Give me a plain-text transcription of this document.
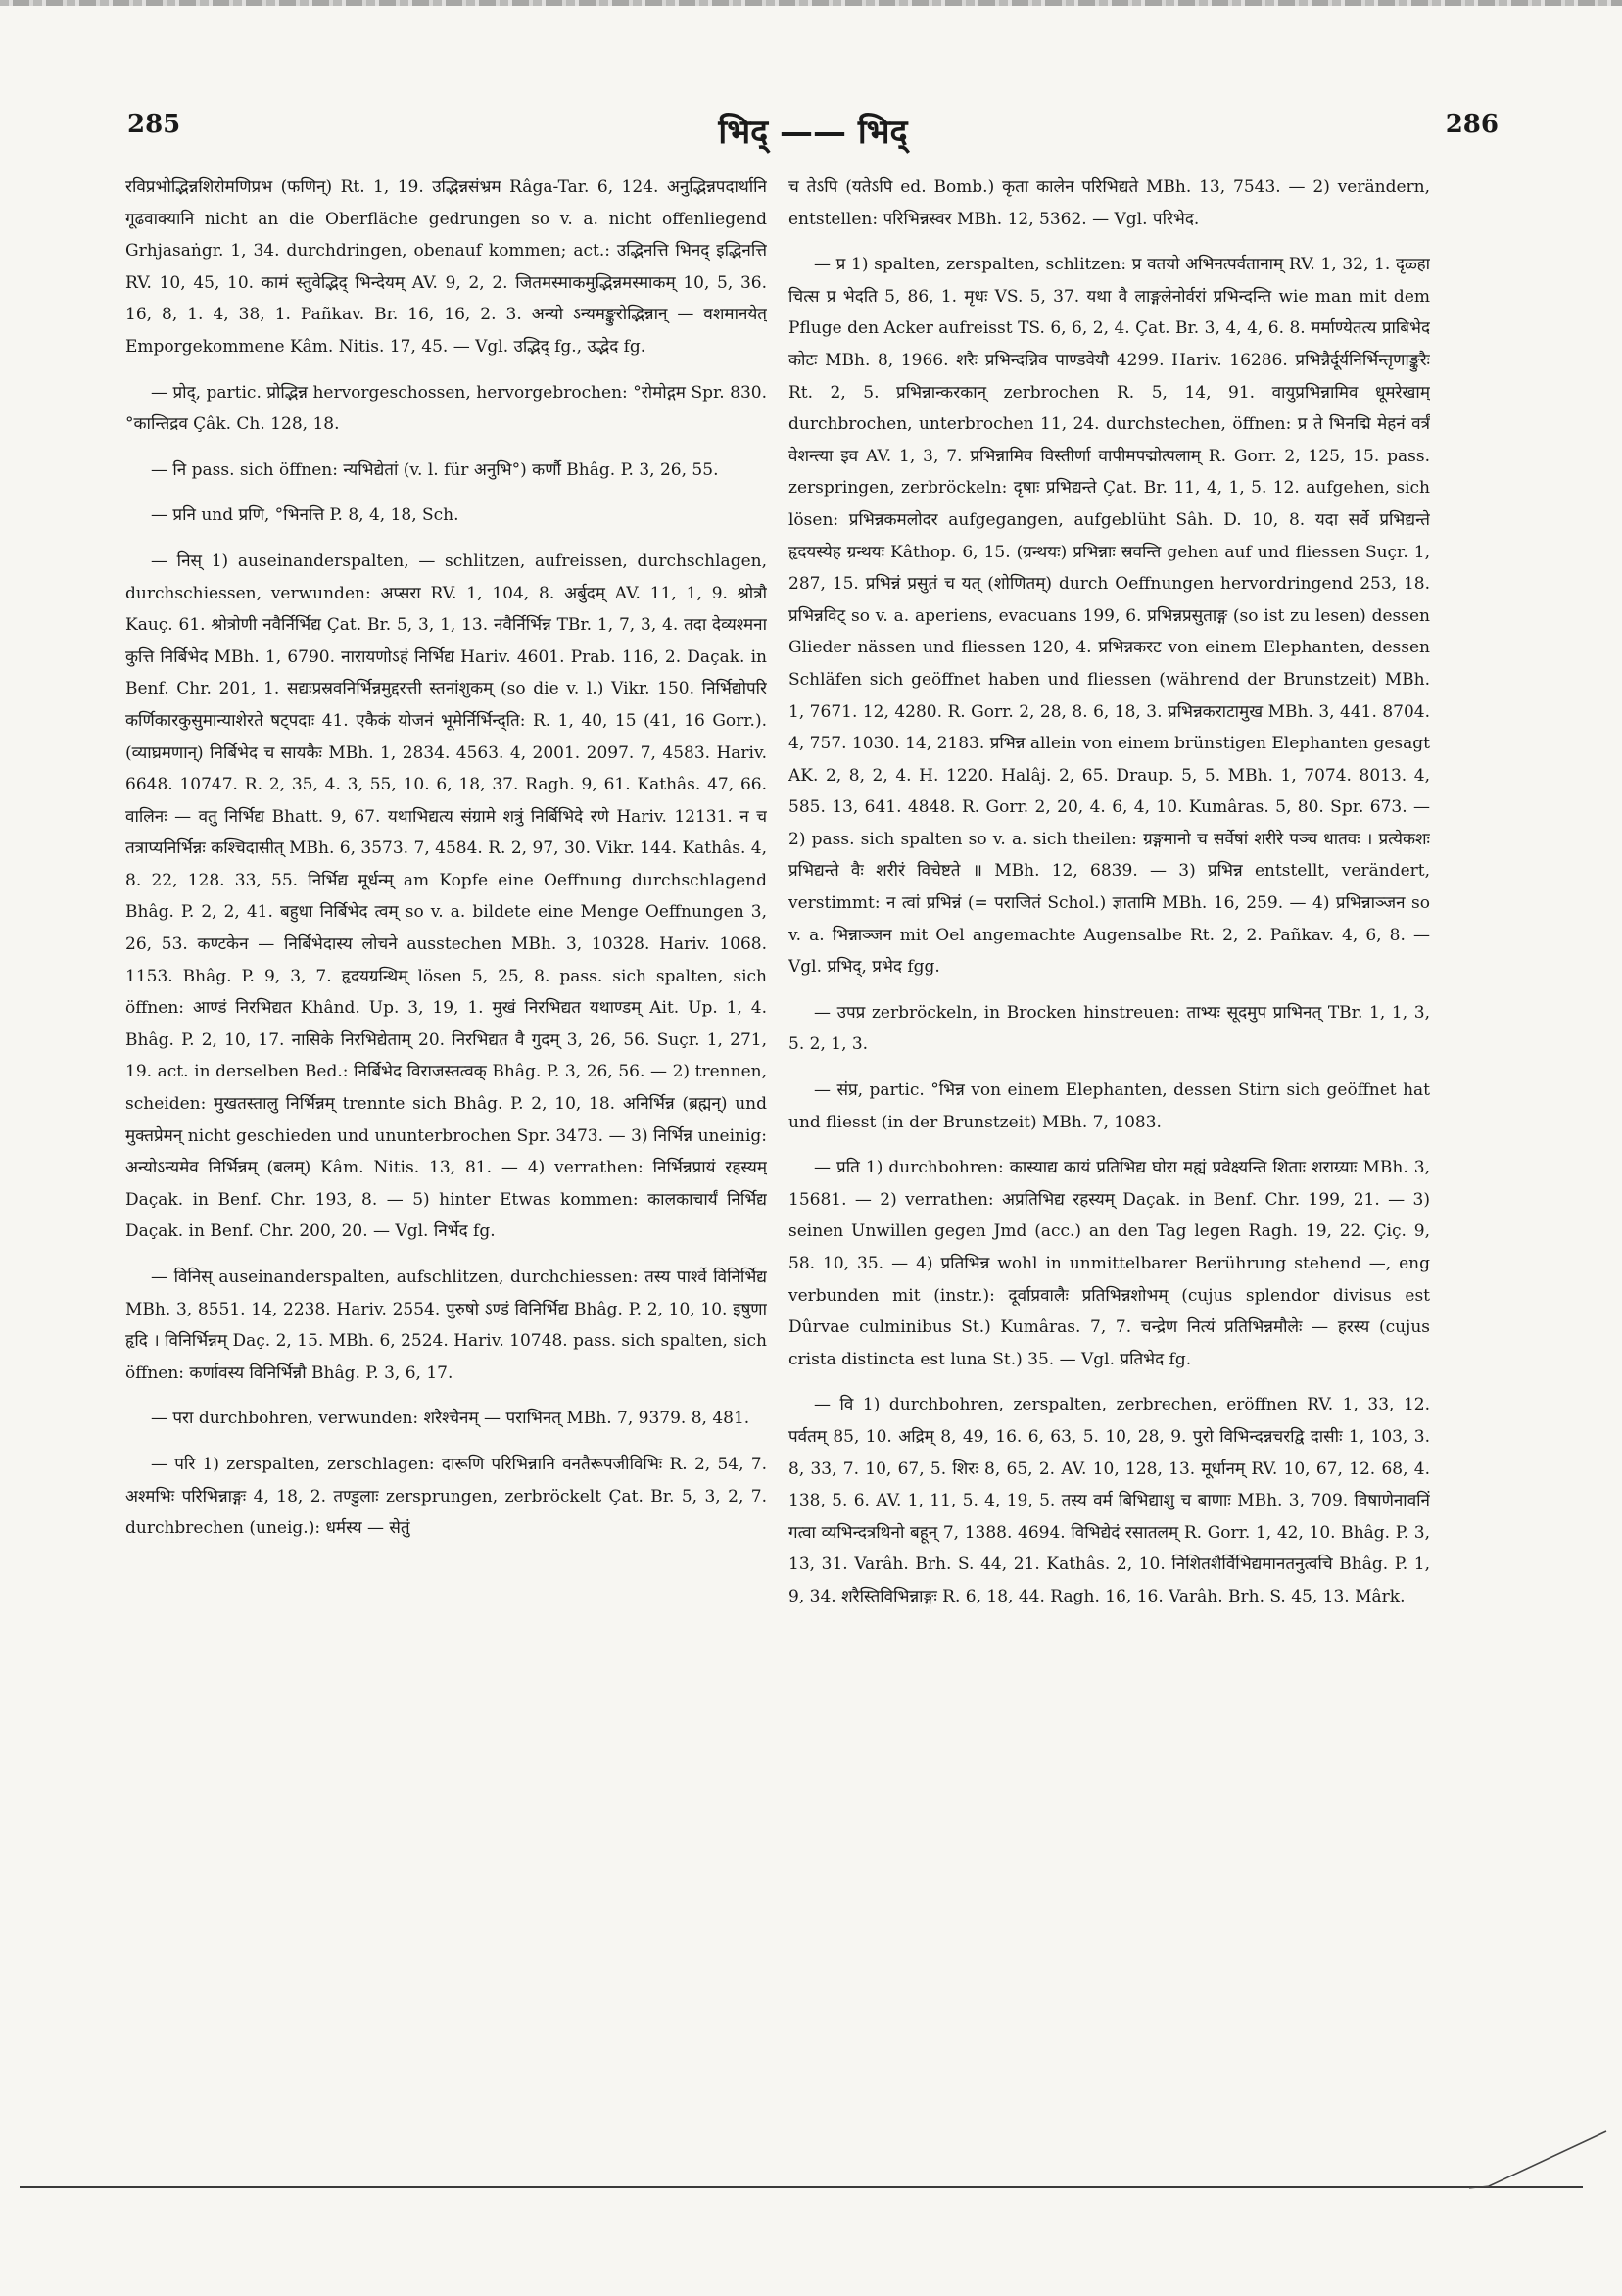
285	भिद् —— भिद्	286

रविप्रभोद्भिन्नशिरोमणिप्रभ (फणिन्) Rt. 1, 19. उद्भिन्नसंभ्रम Râga-Tar. 6, 124. अनुद्भिन्नपदार्थानि गूढवाक्यानि nicht an die Oberfläche gedrungen so v. a. nicht offenliegend Grhjasaṅgr. 1, 34. durchdringen, obenauf kommen; act.: उद्भिनत्ति भिनद् इद्भिनत्ति RV. 10, 45, 10. कामं स्तुवेद्भिद् भिन्देयम् AV. 9, 2, 2. जितमस्माकमुद्भिन्नमस्माकम् 10, 5, 36. 16, 8, 1. 4, 38, 1. Pañkav. Br. 16, 16, 2. 3. अन्यो ऽन्यमङ्कुरोद्भिन्नान् — वशमानयेत् Emporgekommene Kâm. Nitis. 17, 45. — Vgl. उद्भिद् fg., उद्भेद fg.

— प्रोद्, partic. प्रोद्भिन्न hervorgeschossen, hervorgebrochen: °रोमोद्गम Spr. 830. °कान्तिद्रव Çâk. Ch. 128, 18.

— नि pass. sich öffnen: न्यभिद्येतां (v. l. für अनुभि°) कर्णौ Bhâg. P. 3, 26, 55.

— प्रनि und प्रणि, °भिनत्ति P. 8, 4, 18, Sch.

— निस् 1) auseinanderspalten, — schlitzen, aufreissen, durchschlagen, durchschiessen, verwunden: अप्सरा RV. 1, 104, 8. अर्बुदम् AV. 11, 1, 9. श्रोत्रौ Kauç. 61. श्रोत्रोणी नवैर्निर्भिद्य Çat. Br. 5, 3, 1, 13. नवैर्निर्भिन्न TBr. 1, 7, 3, 4. तदा देव्यश्मना कुत्ति निर्बिभेद MBh. 1, 6790. नारायणोऽहं निर्भिद्य Hariv. 4601. Prab. 116, 2. Daçak. in Benf. Chr. 201, 1. सद्यःप्रस्रवनिर्भिन्नमुद्दरत्ती स्तनांशुकम् (so die v. l.) Vikr. 150. निर्भिद्योपरि कर्णिकारकुसुमान्याशेरते षट्पदाः 41. एकैकं योजनं भूमेर्निर्भिन्द्ति: R. 1, 40, 15 (41, 16 Gorr.). (व्याघ्रमणान्) निर्बिभेद च सायकैः MBh. 1, 2834. 4563. 4, 2001. 2097. 7, 4583. Hariv. 6648. 10747. R. 2, 35, 4. 3, 55, 10. 6, 18, 37. Ragh. 9, 61. Kathâs. 47, 66. वालिनः — वतु निर्भिद्य Bhatt. 9, 67. यथाभिद्यत्य संग्रामे शत्रुं निर्बिभिदे रणे Hariv. 12131. न च तत्राप्यनिर्भिन्नः कश्चिदासीत् MBh. 6, 3573. 7, 4584. R. 2, 97, 30. Vikr. 144. Kathâs. 4, 8. 22, 128. 33, 55. निर्भिद्य मूर्धन्म् am Kopfe eine Oeffnung durchschlagend Bhâg. P. 2, 2, 41. बहुधा निर्बिभेद त्वम् so v. a. bildete eine Menge Oeffnungen 3, 26, 53. कण्टकेन — निर्बिभेदास्य लोचने ausstechen MBh. 3, 10328. Hariv. 1068. 1153. Bhâg. P. 9, 3, 7. हृदयग्रन्थिम् lösen 5, 25, 8. pass. sich spalten, sich öffnen: आण्डं निरभिद्यत Khând. Up. 3, 19, 1. मुखं निरभिद्यत यथाण्डम् Ait. Up. 1, 4. Bhâg. P. 2, 10, 17. नासिके निरभिद्येताम् 20. निरभिद्यत वै गुदम् 3, 26, 56. Suçr. 1, 271, 19. act. in derselben Bed.: निर्बिभेद विराजस्तत्वक् Bhâg. P. 3, 26, 56. — 2) trennen, scheiden: मुखतस्तालु निर्भिन्नम् trennte sich Bhâg. P. 2, 10, 18. अनिर्भिन्न (ब्रह्मन्) und मुक्तप्रेमन् nicht geschieden und ununterbrochen Spr. 3473. — 3) निर्भिन्न uneinig: अन्योऽन्यमेव निर्भिन्नम् (बलम्) Kâm. Nitis. 13, 81. — 4) verrathen: निर्भिन्नप्रायं रहस्यम् Daçak. in Benf. Chr. 193, 8. — 5) hinter Etwas kommen: कालकाचार्यं निर्भिद्य Daçak. in Benf. Chr. 200, 20. — Vgl. निर्भेद fg.

— विनिस् auseinanderspalten, aufschlitzen, durchchiessen: तस्य पार्श्वे विनिर्भिद्य MBh. 3, 8551. 14, 2238. Hariv. 2554. पुरुषो ऽण्डं विनिर्भिद्य Bhâg. P. 2, 10, 10. इषुणा हृदि । विनिर्भिन्नम् Daç. 2, 15. MBh. 6, 2524. Hariv. 10748. pass. sich spalten, sich öffnen: कर्णावस्य विनिर्भिन्नौ Bhâg. P. 3, 6, 17.

— परा durchbohren, verwunden: शरैश्चैनम् — पराभिनत् MBh. 7, 9379. 8, 481.

— परि 1) zerspalten, zerschlagen: दारूणि परिभिन्नानि वनतैरूपजीविभिः R. 2, 54, 7. अश्मभिः परिभिन्नाङ्गः 4, 18, 2. तण्डुलाः zersprungen, zerbröckelt Çat. Br. 5, 3, 2, 7. durchbrechen (uneig.): धर्मस्य — सेतुं

च तेऽपि (यतेऽपि ed. Bomb.) कृता कालेन परिभिद्यते MBh. 13, 7543. — 2) verändern, entstellen: परिभिन्नस्वर MBh. 12, 5362. — Vgl. परिभेद.

— प्र 1) spalten, zerspalten, schlitzen: प्र वतयो अभिनत्पर्वतानाम् RV. 1, 32, 1. दृळ्हा चित्स प्र भेदति 5, 86, 1. मृधः VS. 5, 37. यथा वै लाङ्गलेनोर्वरां प्रभिन्दन्ति wie man mit dem Pfluge den Acker aufreisst TS. 6, 6, 2, 4. Çat. Br. 3, 4, 4, 6. 8. मर्माण्येतत्य प्राबिभेद कोटः MBh. 8, 1966. शरैः प्रभिन्दन्निव पाण्डवेयौ 4299. Hariv. 16286. प्रभिन्नैर्दूर्यनिर्भिन्तृणाङ्कुरैः Rt. 2, 5. प्रभिन्नान्करकान् zerbrochen R. 5, 14, 91. वायुप्रभिन्नामिव धूमरेखाम् durchbrochen, unterbrochen 11, 24. durchstechen, öffnen: प्र ते भिनद्मि मेहनं वर्त्रं वेशन्त्या इव AV. 1, 3, 7. प्रभिन्नामिव विस्तीर्णा वापीमपद्मोत्पलाम् R. Gorr. 2, 125, 15. pass. zerspringen, zerbröckeln: दृषाः प्रभिद्यन्ते Çat. Br. 11, 4, 1, 5. 12. aufgehen, sich lösen: प्रभिन्नकमलोदर aufgegangen, aufgeblüht Sâh. D. 10, 8. यदा सर्वे प्रभिद्यन्ते हृदयस्येह ग्रन्थयः Kâthop. 6, 15. (ग्रन्थयः) प्रभिन्नाः स्रवन्ति gehen auf und fliessen Suçr. 1, 287, 15. प्रभिन्नं प्रसुतं च यत् (शोणितम्) durch Oeffnungen hervordringend 253, 18. प्रभिन्नविट् so v. a. aperiens, evacuans 199, 6. प्रभिन्नप्रसुताङ्ग (so ist zu lesen) dessen Glieder nässen und fliessen 120, 4. प्रभिन्नकरट von einem Elephanten, dessen Schläfen sich geöffnet haben und fliessen (während der Brunstzeit) MBh. 1, 7671. 12, 4280. R. Gorr. 2, 28, 8. 6, 18, 3. प्रभिन्नकराटामुख MBh. 3, 441. 8704. 4, 757. 1030. 14, 2183. प्रभिन्न allein von einem brünstigen Elephanten gesagt AK. 2, 8, 2, 4. H. 1220. Halâj. 2, 65. Draup. 5, 5. MBh. 1, 7074. 8013. 4, 585. 13, 641. 4848. R. Gorr. 2, 20, 4. 6, 4, 10. Kumâras. 5, 80. Spr. 673. — 2) pass. sich spalten so v. a. sich theilen: ग्रङ्गमानो च सर्वेषां शरीरे पञ्च धातवः । प्रत्येकशः प्रभिद्यन्ते वैः शरीरं विचेष्टते ॥ MBh. 12, 6839. — 3) प्रभिन्न entstellt, verändert, verstimmt: न त्वां प्रभिन्नं (= पराजितं Schol.) ज्ञातामि MBh. 16, 259. — 4) प्रभिन्नाञ्जन so v. a. भिन्नाञ्जन mit Oel angemachte Augensalbe Rt. 2, 2. Pañkav. 4, 6, 8. — Vgl. प्रभिद्, प्रभेद fgg.

— उपप्र zerbröckeln, in Brocken hinstreuen: ताभ्यः सूदमुप प्राभिनत् TBr. 1, 1, 3, 5. 2, 1, 3.

— संप्र, partic. °भिन्न von einem Elephanten, dessen Stirn sich geöffnet hat und fliesst (in der Brunstzeit) MBh. 7, 1083.

— प्रति 1) durchbohren: कास्याद्य कायं प्रतिभिद्य घोरा मह्यं प्रवेक्ष्यन्ति शिताः शराग्र्याः MBh. 3, 15681. — 2) verrathen: अप्रतिभिद्य रहस्यम् Daçak. in Benf. Chr. 199, 21. — 3) seinen Unwillen gegen Jmd (acc.) an den Tag legen Ragh. 19, 22. Çiç. 9, 58. 10, 35. — 4) प्रतिभिन्न wohl in unmittelbarer Berührung stehend —, eng verbunden mit (instr.): दूर्वाप्रवालैः प्रतिभिन्नशोभम् (cujus splendor divisus est Dûrvae culminibus St.) Kumâras. 7, 7. चन्द्रेण नित्यं प्रतिभिन्नमौलेः — हरस्य (cujus crista distincta est luna St.) 35. — Vgl. प्रतिभेद fg.

— वि 1) durchbohren, zerspalten, zerbrechen, eröffnen RV. 1, 33, 12. पर्वतम् 85, 10. अद्रिम् 8, 49, 16. 6, 63, 5. 10, 28, 9. पुरो विभिन्दन्नचरद्वि दासीः 1, 103, 3. 8, 33, 7. 10, 67, 5. शिरः 8, 65, 2. AV. 10, 128, 13. मूर्धानम् RV. 10, 67, 12. 68, 4. 138, 5. 6. AV. 1, 11, 5. 4, 19, 5. तस्य वर्म बिभिद्याशु च बाणाः MBh. 3, 709. विषाणेनावनिं गत्वा व्यभिन्दत्रथिनो बहून् 7, 1388. 4694. विभिद्येदं रसातलम् R. Gorr. 1, 42, 10. Bhâg. P. 3, 13, 31. Varâh. Brh. S. 44, 21. Kathâs. 2, 10. निशितशैर्विभिद्यमानतनुत्वचि Bhâg. P. 1, 9, 34. शरैस्तिविभिन्नाङ्गः R. 6, 18, 44. Ragh. 16, 16. Varâh. Brh. S. 45, 13. Mârk.
